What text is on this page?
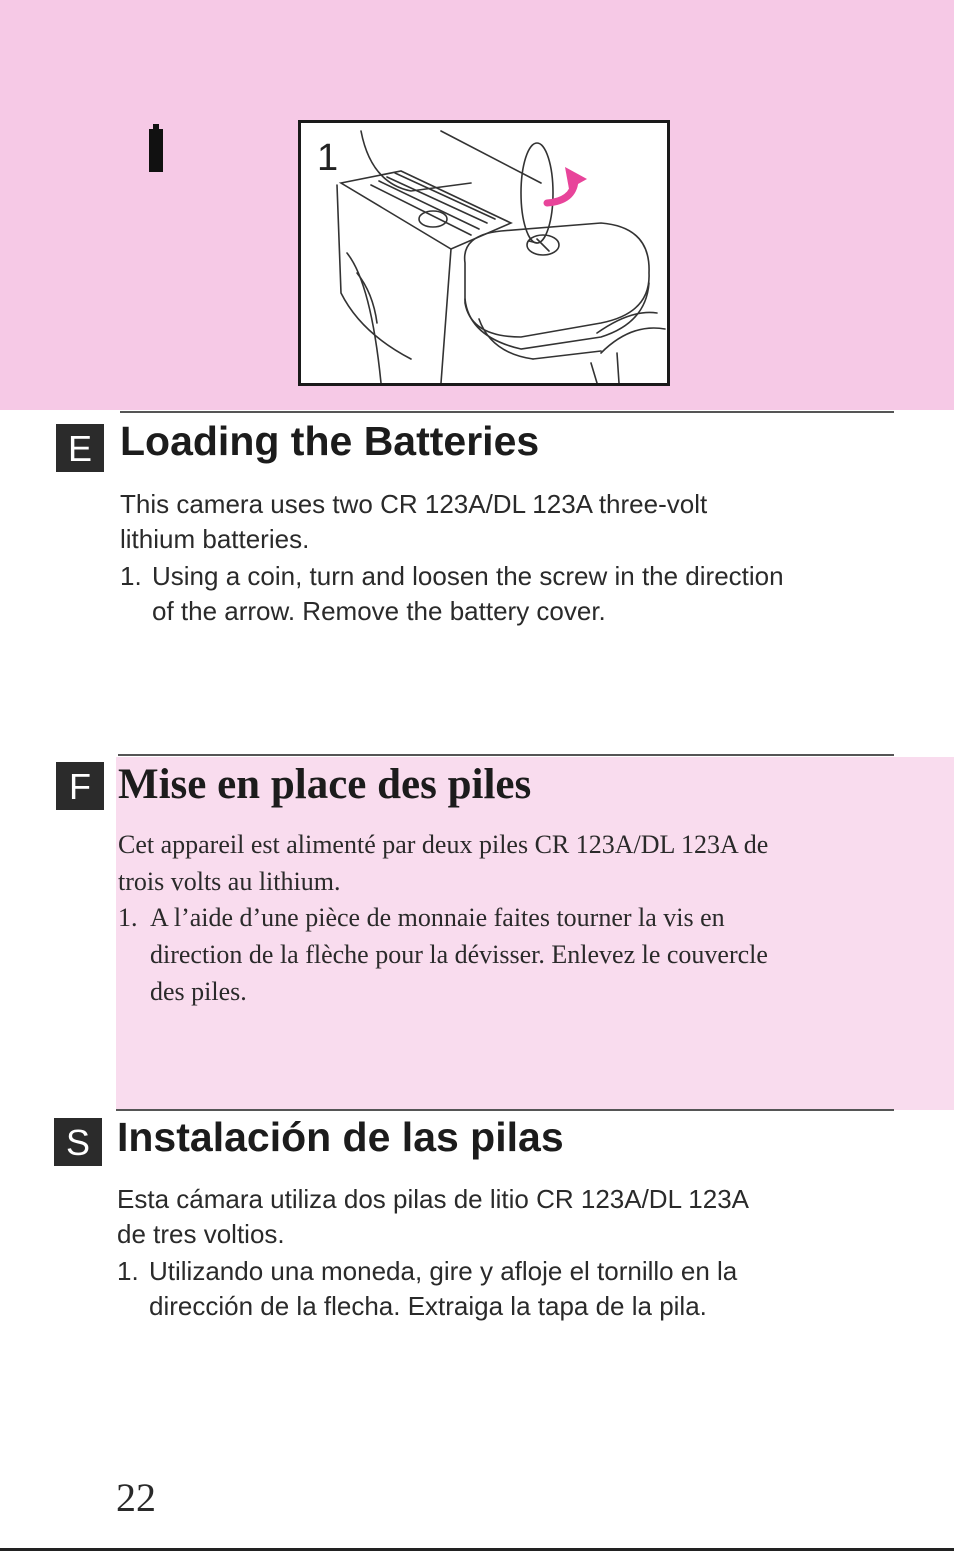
1
E Loading the Batteries
This camera uses two CR 123A/DL 123A three-volt
lithium batteries.
1. Using a coin, turn and loosen the screw in the direction
of the arrow. Remove the battery cover.
F Mise en place des piles
Cet appareil est alimenté par deux piles CR 123A/DL 123A de
trois volts au lithium.
1. A l’aide d’une pièce de monnaie faites tourner la vis en
direction de la flèche pour la dévisser. Enlevez le couvercle
des piles.
S Instalación de las pilas
Esta cámara utiliza dos pilas de litio CR 123A/DL 123A
de tres voltios.
1. Utilizando una moneda, gire y afloje el tornillo en la
dirección de la flecha. Extraiga la tapa de la pila.
22
